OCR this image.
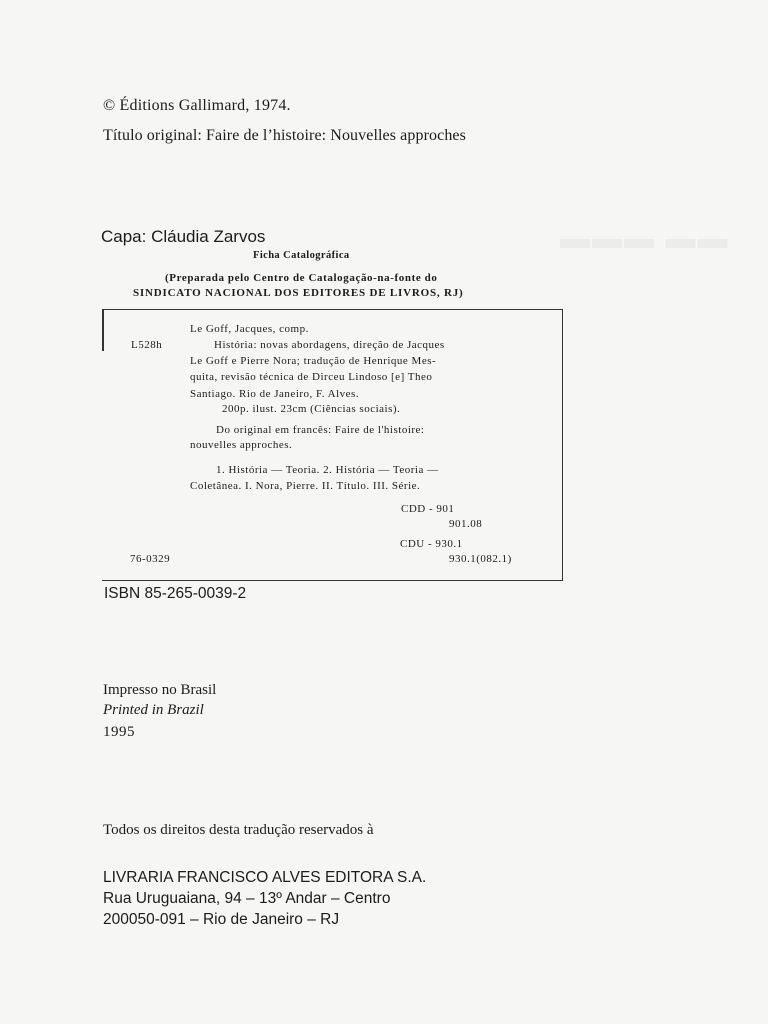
▬▬▬ ▬▬
© Éditions Gallimard, 1974.
Título original: Faire de l’histoire: Nouvelles approches
Capa: Cláudia Zarvos
Ficha Catalográfica
(Preparada pelo Centro de Catalogação-na-fonte do
SINDICATO NACIONAL DOS EDITORES DE LIVROS, RJ)
L528h
Le Goff, Jacques, comp.
História: novas abordagens, direção de Jacques
Le Goff e Pierre Nora; tradução de Henrique Mes-
quita, revisão técnica de Dirceu Lindoso [e] Theo
Santiago. Rio de Janeiro, F. Alves.
200p. ilust. 23cm (Ciências sociais).
Do original em francês: Faire de l'histoire:
nouvelles approches.
1. História — Teoria. 2. História — Teoria —
Coletânea. I. Nora, Pierre. II. Título. III. Série.
CDD - 901
901.08
CDU - 930.1
930.1(082.1)
76-0329
ISBN 85-265-0039-2
Impresso no Brasil
Printed in Brazil
1995
Todos os direitos desta tradução reservados à
LIVRARIA FRANCISCO ALVES EDITORA S.A.
Rua Uruguaiana, 94 – 13º Andar – Centro
200050-091 – Rio de Janeiro – RJ
